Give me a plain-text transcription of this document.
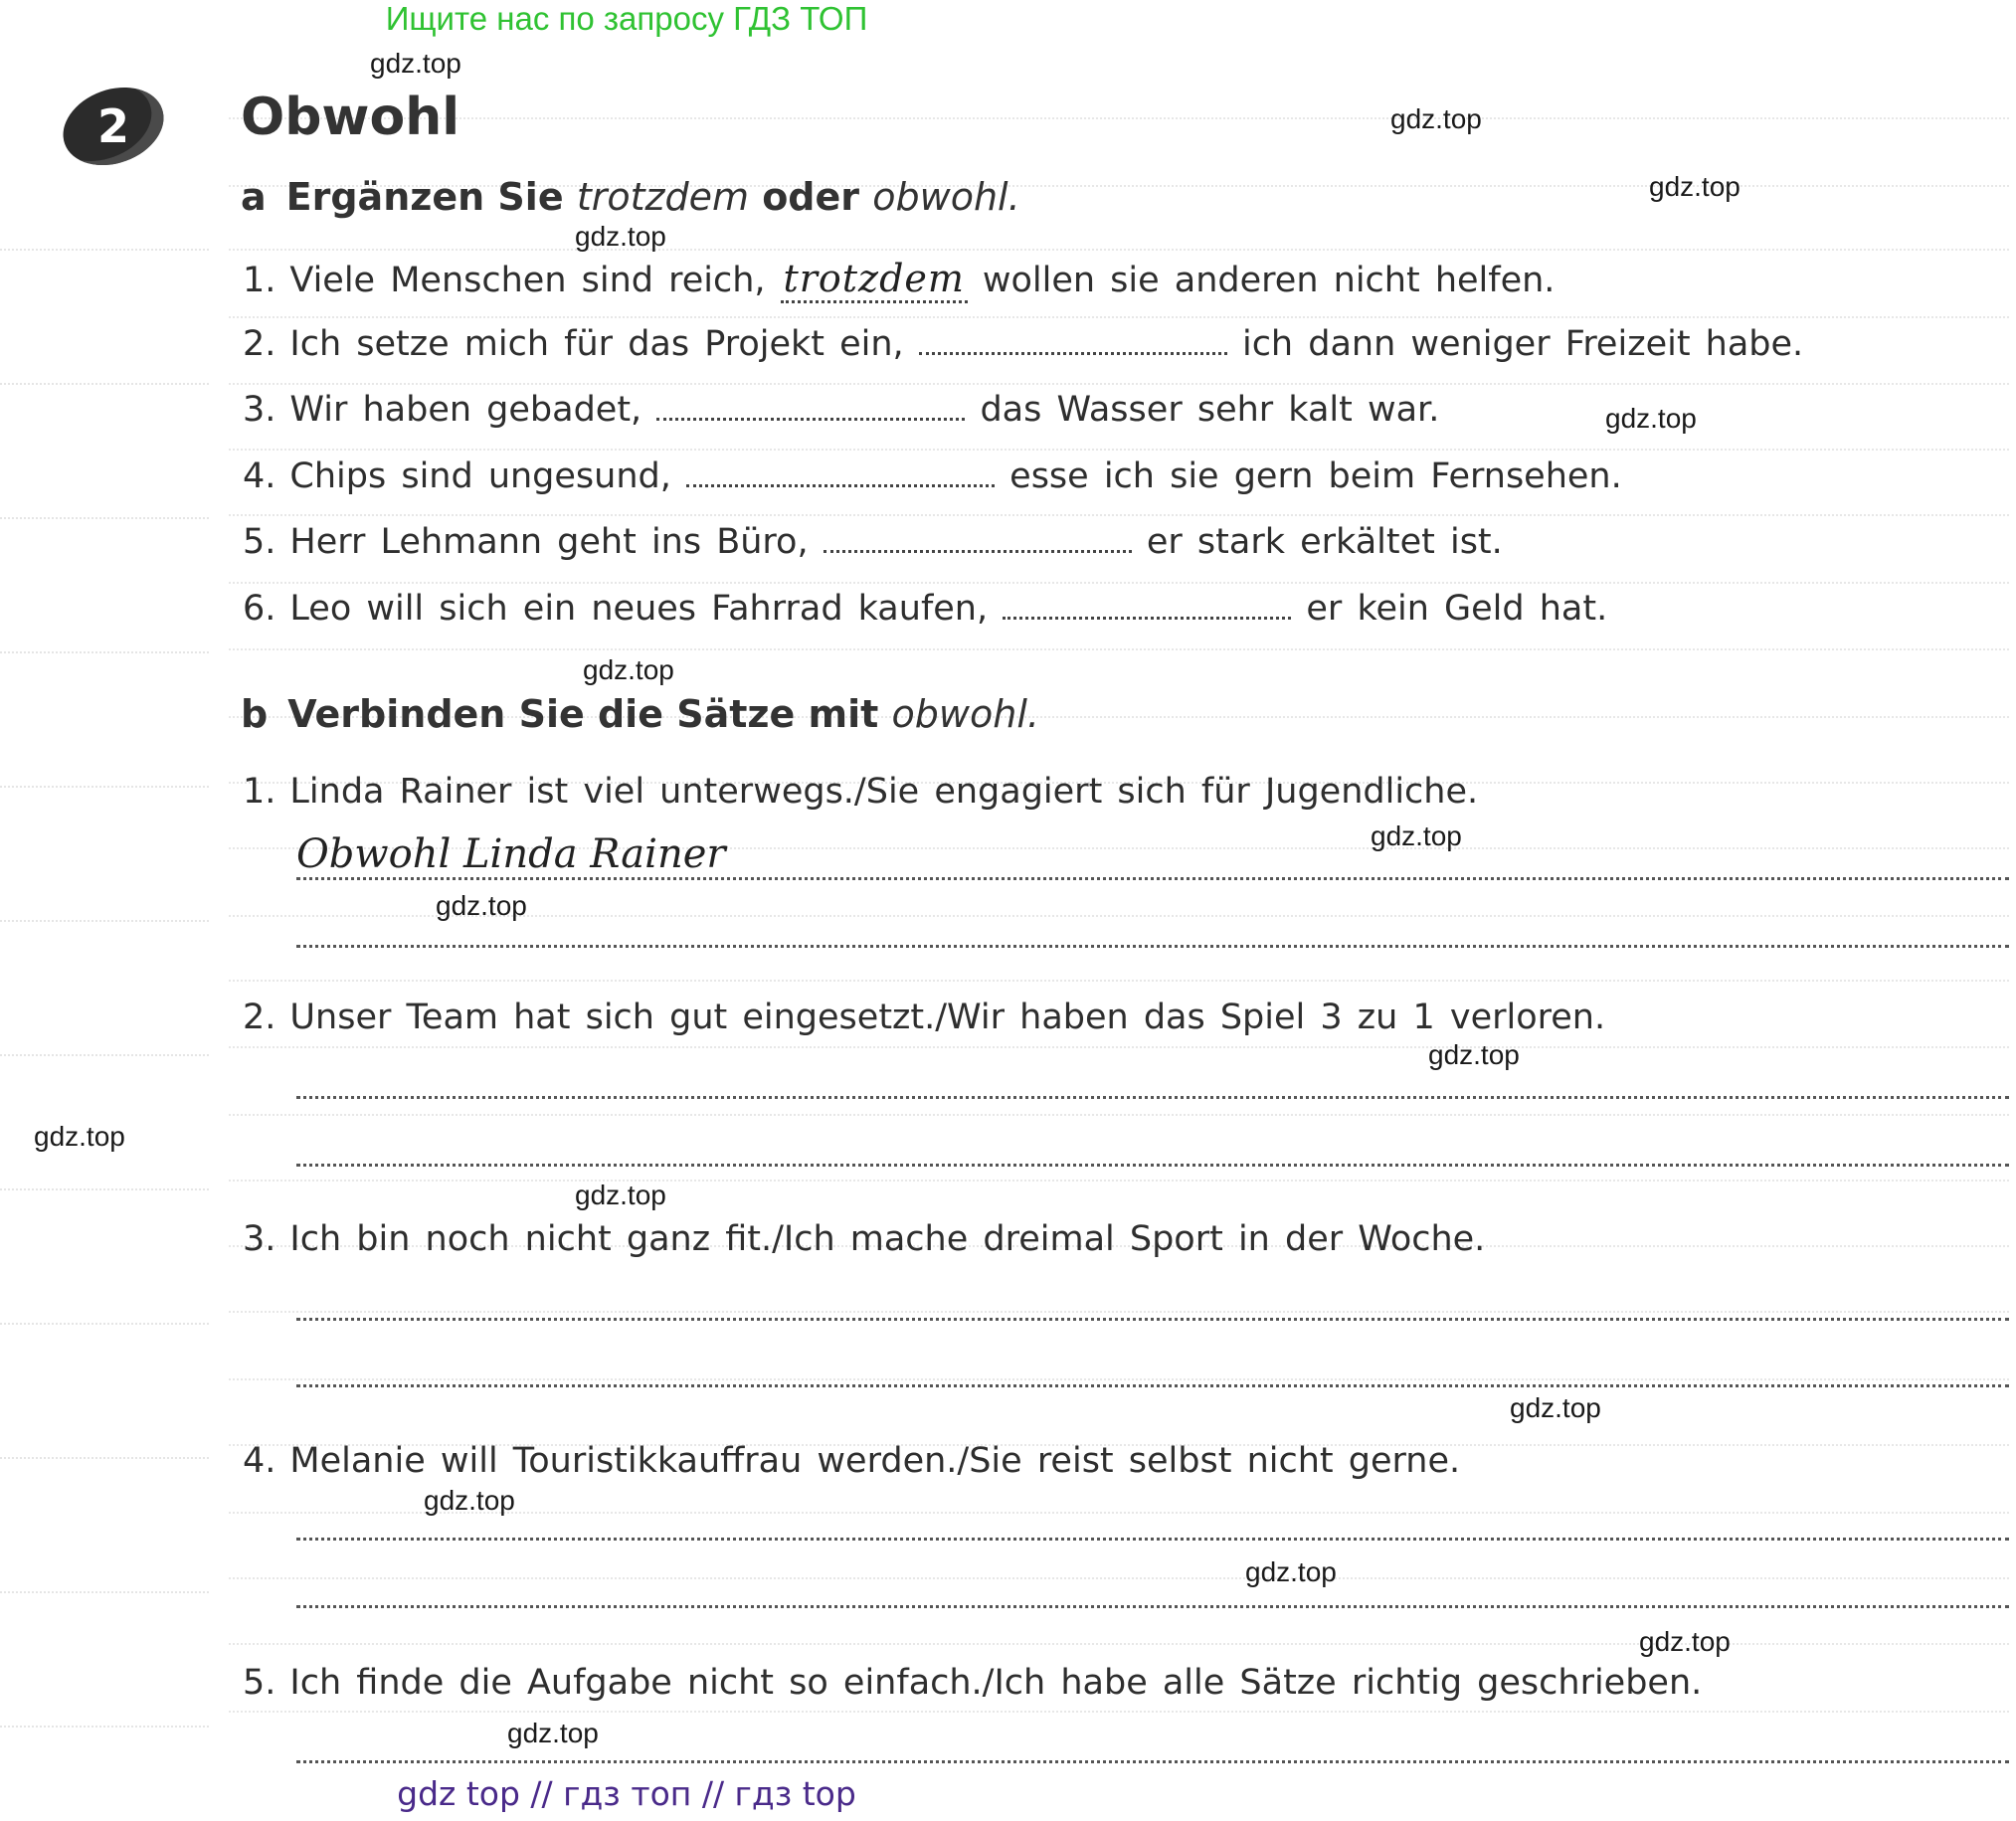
Ищите нас по запросу ГДЗ ТОП
2	Obwohl
a Ergänzen Sie trotzdem oder obwohl.
1. Viele Menschen sind reich, trotzdem wollen sie anderen nicht helfen.
2. Ich setze mich für das Projekt ein,	ich dann weniger Freizeit habe.
3. Wir haben gebadet,	das Wasser sehr kalt war.
4. Chips sind ungesund,	esse ich sie gern beim Fernsehen.
5. Herr Lehmann geht ins Büro,	er stark erkältet ist.
6. Leo will sich ein neues Fahrrad kaufen,	er kein Geld hat.
b Verbinden Sie die Sätze mit obwohl.
1. Linda Rainer ist viel unterwegs./Sie engagiert sich für Jugendliche.
Obwohl Linda Rainer
2. Unser Team hat sich gut eingesetzt./Wir haben das Spiel 3 zu 1 verloren.
3. Ich bin noch nicht ganz fit./Ich mache dreimal Sport in der Woche.
4. Melanie will Touristikkauffrau werden./Sie reist selbst nicht gerne.
5. Ich finde die Aufgabe nicht so einfach./Ich habe alle Sätze richtig geschrieben.
gdz.top
gdz.top
gdz.top
gdz.top
gdz.top
gdz.top
gdz.top
gdz.top
gdz.top
gdz.top
gdz.top
gdz.top
gdz.top
gdz.top
gdz.top
gdz.top
gdz top // гдз топ // гдз top
